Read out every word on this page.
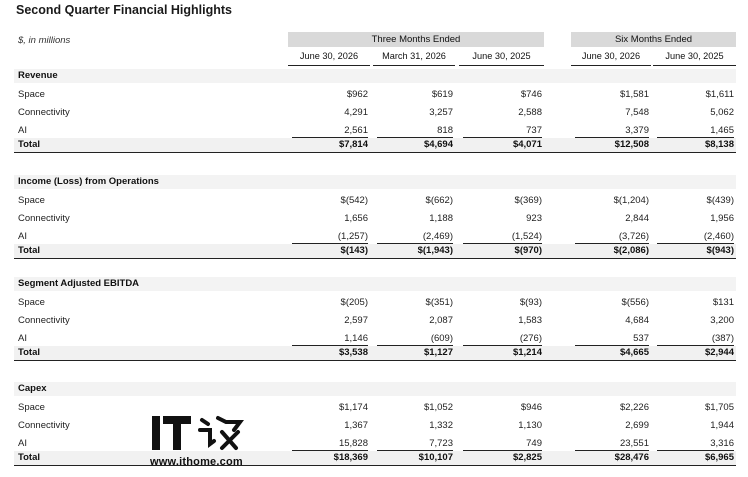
Second Quarter Financial Highlights
$, in millions	Three Months Ended	Six Months Ended
June 30, 2026	March 31, 2026	June 30, 2025	June 30, 2026	June 30, 2025
Revenue
Space	$962	$619	$746	$1,581	$1,611
Connectivity	4,291	3,257	2,588	7,548	5,062
AI	2,561	818	737	3,379	1,465
Total	$7,814	$4,694	$4,071	$12,508	$8,138
Income (Loss) from Operations
Space	$(542)	$(662)	$(369)	$(1,204)	$(439)
Connectivity	1,656	1,188	923	2,844	1,956
AI	(1,257)	(2,469)	(1,524)	(3,726)	(2,460)
Total	$(143)	$(1,943)	$(970)	$(2,086)	$(943)
Segment Adjusted EBITDA
Space	$(205)	$(351)	$(93)	$(556)	$131
Connectivity	2,597	2,087	1,583	4,684	3,200
AI	1,146	(609)	(276)	537	(387)
Total	$3,538	$1,127	$1,214	$4,665	$2,944
Capex
Space	$1,174	$1,052	$946	$2,226	$1,705
Connectivity	1,367	1,332	1,130	2,699	1,944
AI	15,828	7,723	749	23,551	3,316
Total	$18,369	$10,107	$2,825	$28,476	$6,965
www.ithome.com
